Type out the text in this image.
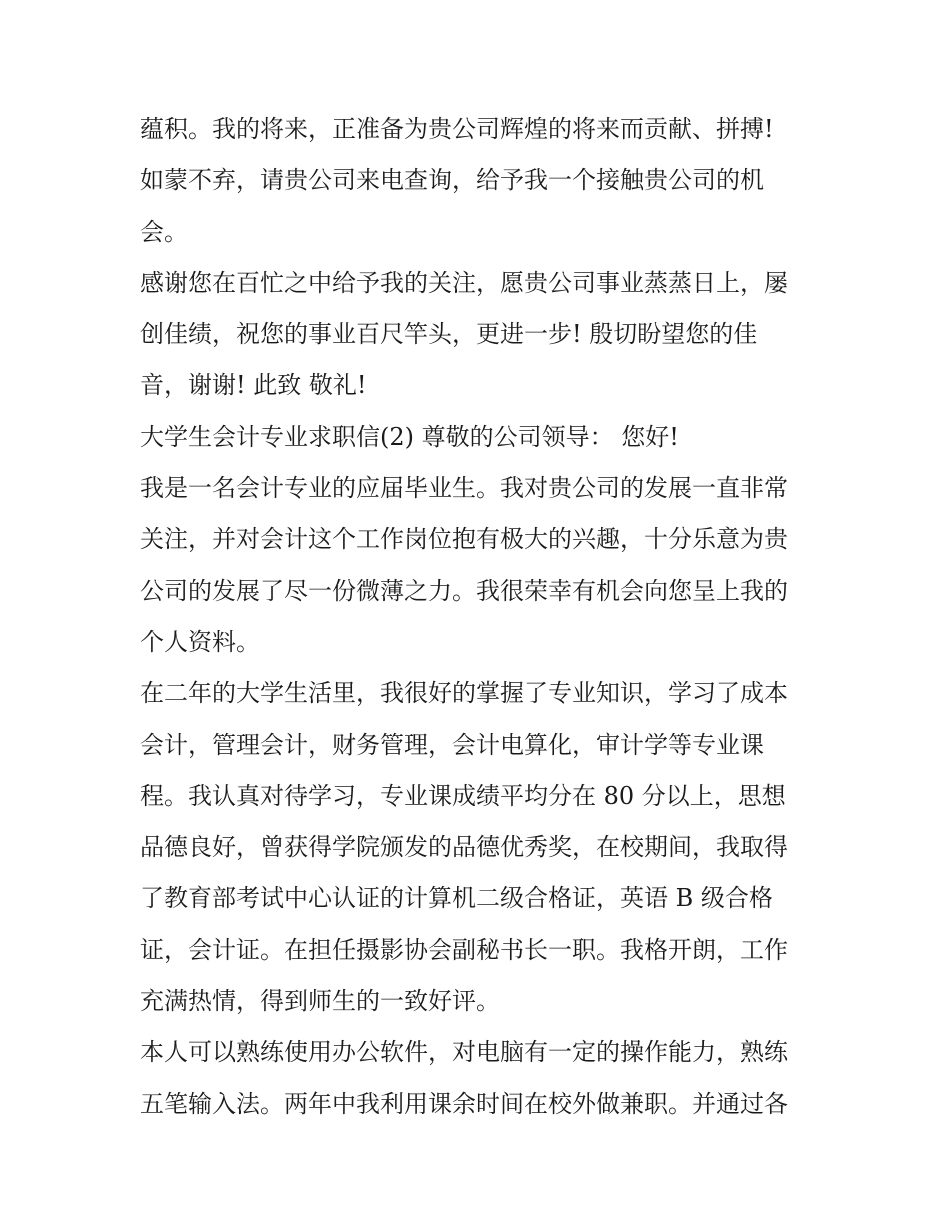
蕴积。我的将来，正准备为贵公司辉煌的将来而贡献、拼搏!
如蒙不弃，请贵公司来电查询，给予我一个接触贵公司的机
会。
感谢您在百忙之中给予我的关注，愿贵公司事业蒸蒸日上，屡
创佳绩，祝您的事业百尺竿头，更进一步! 殷切盼望您的佳
音，谢谢! 此致 敬礼!
大学生会计专业求职信(2) 尊敬的公司领导： 您好!
我是一名会计专业的应届毕业生。我对贵公司的发展一直非常
关注，并对会计这个工作岗位抱有极大的兴趣，十分乐意为贵
公司的发展了尽一份微薄之力。我很荣幸有机会向您呈上我的
个人资料。
在二年的大学生活里，我很好的掌握了专业知识，学习了成本
会计，管理会计，财务管理，会计电算化，审计学等专业课
程。我认真对待学习，专业课成绩平均分在 80 分以上，思想
品德良好，曾获得学院颁发的品德优秀奖，在校期间，我取得
了教育部考试中心认证的计算机二级合格证，英语 B 级合格
证，会计证。在担任摄影协会副秘书长一职。我格开朗，工作
充满热情，得到师生的一致好评。
本人可以熟练使用办公软件，对电脑有一定的操作能力，熟练
五笔输入法。两年中我利用课余时间在校外做兼职。并通过各
